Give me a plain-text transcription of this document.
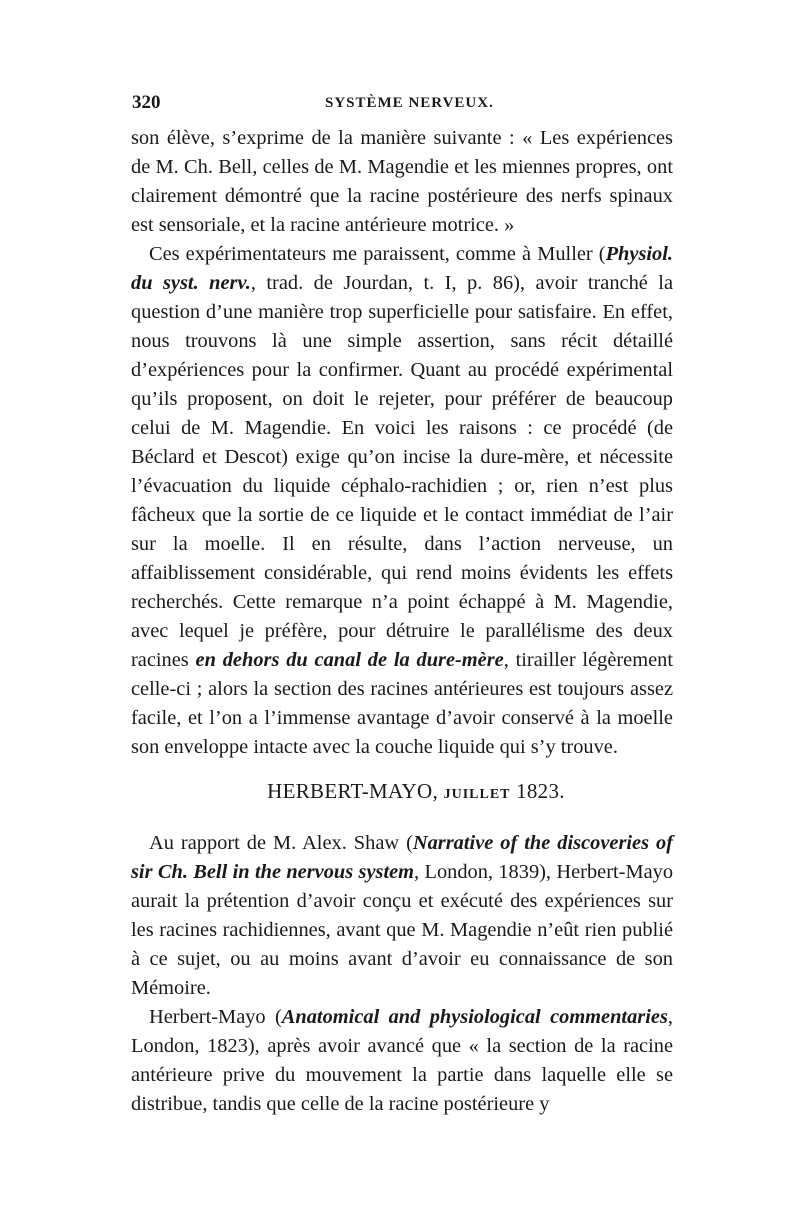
320	SYSTÈME NERVEUX.

son élève, s’exprime de la manière suivante : « Les expériences de M. Ch. Bell, celles de M. Magendie et les miennes propres, ont clairement démontré que la racine postérieure des nerfs spinaux est sensoriale, et la racine antérieure motrice. »

Ces expérimentateurs me paraissent, comme à Muller (Physiol. du syst. nerv., trad. de Jourdan, t. I, p. 86), avoir tranché la question d’une manière trop superficielle pour satisfaire. En effet, nous trouvons là une simple assertion, sans récit détaillé d’expériences pour la confirmer. Quant au procédé expérimental qu’ils proposent, on doit le rejeter, pour préférer de beaucoup celui de M. Magendie. En voici les raisons : ce procédé (de Béclard et Descot) exige qu’on incise la dure-mère, et nécessite l’évacuation du liquide céphalo-rachidien ; or, rien n’est plus fâcheux que la sortie de ce liquide et le contact immédiat de l’air sur la moelle. Il en résulte, dans l’action nerveuse, un affaiblissement considérable, qui rend moins évidents les effets recherchés. Cette remarque n’a point échappé à M. Magendie, avec lequel je préfère, pour détruire le parallélisme des deux racines en dehors du canal de la dure-mère, tirailler légèrement celle-ci ; alors la section des racines antérieures est toujours assez facile, et l’on a l’immense avantage d’avoir conservé à la moelle son enveloppe intacte avec la couche liquide qui s’y trouve.

HERBERT-MAYO, JUILLET 1823.

Au rapport de M. Alex. Shaw (Narrative of the discoveries of sir Ch. Bell in the nervous system, London, 1839), Herbert-Mayo aurait la prétention d’avoir conçu et exécuté des expériences sur les racines rachidiennes, avant que M. Magendie n’eût rien publié à ce sujet, ou au moins avant d’avoir eu connaissance de son Mémoire.

Herbert-Mayo (Anatomical and physiological commentaries, London, 1823), après avoir avancé que « la section de la racine antérieure prive du mouvement la partie dans laquelle elle se distribue, tandis que celle de la racine postérieure y
